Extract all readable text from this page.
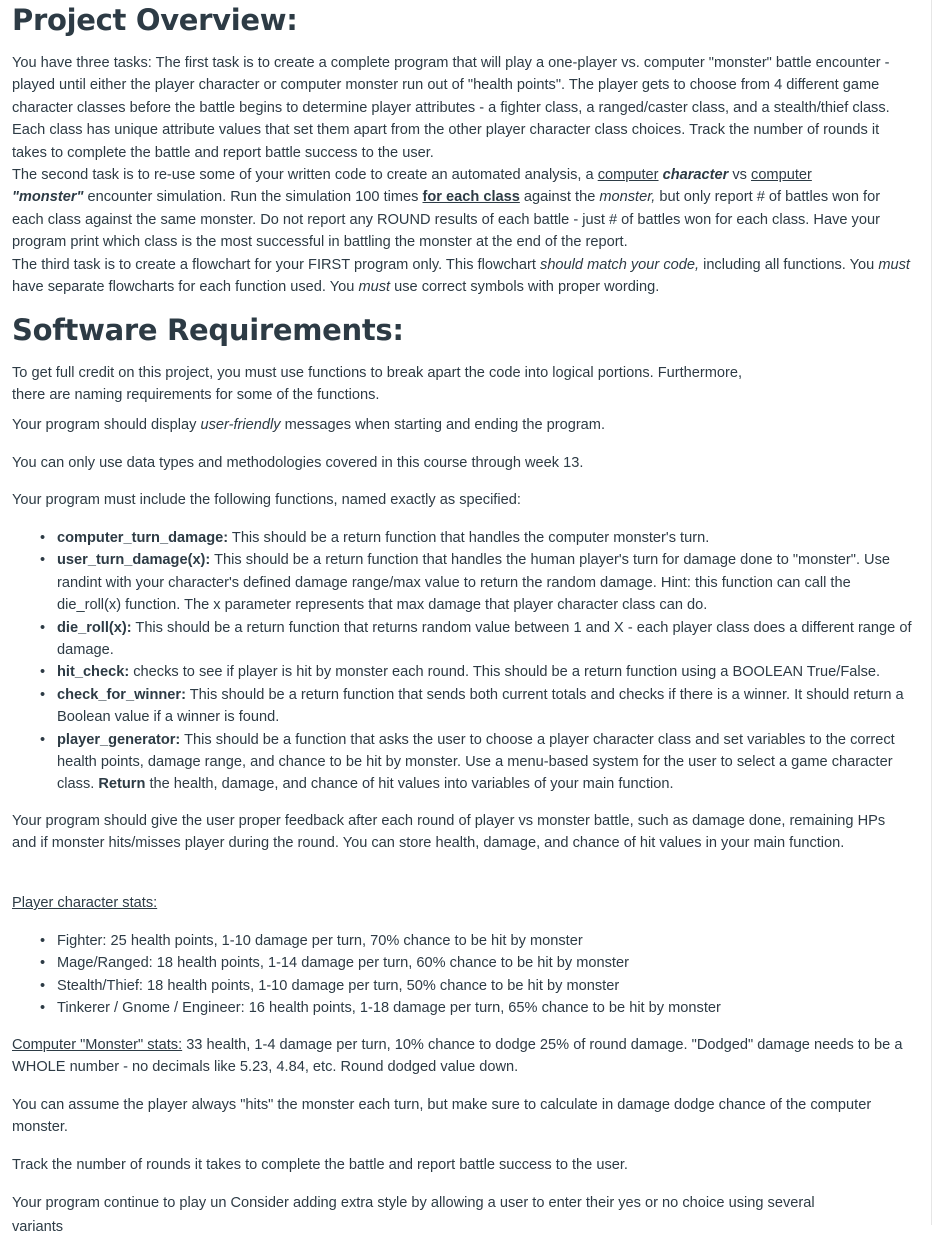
Project Overview:

You have three tasks: The first task is to create a complete program that will play a one-player vs. computer "monster" battle encounter - played until either the player character or computer monster run out of "health points". The player gets to choose from 4 different game character classes before the battle begins to determine player attributes - a fighter class, a ranged/caster class, and a stealth/thief class. Each class has unique attribute values that set them apart from the other player character class choices. Track the number of rounds it takes to complete the battle and report battle success to the user.

The second task is to re-use some of your written code to create an automated analysis, a computer character vs computer
"monster" encounter simulation. Run the simulation 100 times for each class against the monster, but only report # of battles won for each class against the same monster. Do not report any ROUND results of each battle - just # of battles won for each class. Have your program print which class is the most successful in battling the monster at the end of the report.

The third task is to create a flowchart for your FIRST program only. This flowchart should match your code, including all functions. You must have separate flowcharts for each function used. You must use correct symbols with proper wording.

Software Requirements:

To get full credit on this project, you must use functions to break apart the code into logical portions. Furthermore,
there are naming requirements for some of the functions.

Your program should display user-friendly messages when starting and ending the program.

You can only use data types and methodologies covered in this course through week 13.

Your program must include the following functions, named exactly as specified:

• computer_turn_damage: This should be a return function that handles the computer monster's turn.
• user_turn_damage(x): This should be a return function that handles the human player's turn for damage done to "monster". Use randint with your character's defined damage range/max value to return the random damage. Hint: this function can call the die_roll(x) function. The x parameter represents that max damage that player character class can do.
• die_roll(x): This should be a return function that returns random value between 1 and X - each player class does a different range of damage.
• hit_check: checks to see if player is hit by monster each round. This should be a return function using a BOOLEAN True/False.
• check_for_winner: This should be a return function that sends both current totals and checks if there is a winner. It should return a Boolean value if a winner is found.
• player_generator: This should be a function that asks the user to choose a player character class and set variables to the correct health points, damage range, and chance to be hit by monster. Use a menu-based system for the user to select a game character class. Return the health, damage, and chance of hit values into variables of your main function.

Your program should give the user proper feedback after each round of player vs monster battle, such as damage done, remaining HPs and if monster hits/misses player during the round. You can store health, damage, and chance of hit values in your main function.

Player character stats:

• Fighter: 25 health points, 1-10 damage per turn, 70% chance to be hit by monster
• Mage/Ranged: 18 health points, 1-14 damage per turn, 60% chance to be hit by monster
• Stealth/Thief: 18 health points, 1-10 damage per turn, 50% chance to be hit by monster
• Tinkerer / Gnome / Engineer: 16 health points, 1-18 damage per turn, 65% chance to be hit by monster

Computer "Monster" stats: 33 health, 1-4 damage per turn, 10% chance to dodge 25% of round damage. "Dodged" damage needs to be a WHOLE number - no decimals like 5.23, 4.84, etc. Round dodged value down.

You can assume the player always "hits" the monster each turn, but make sure to calculate in damage dodge chance of the computer monster.

Track the number of rounds it takes to complete the battle and report battle success to the user.

Your program continue to play un Consider adding extra style by allowing a user to enter their yes or no choice using several

variants
